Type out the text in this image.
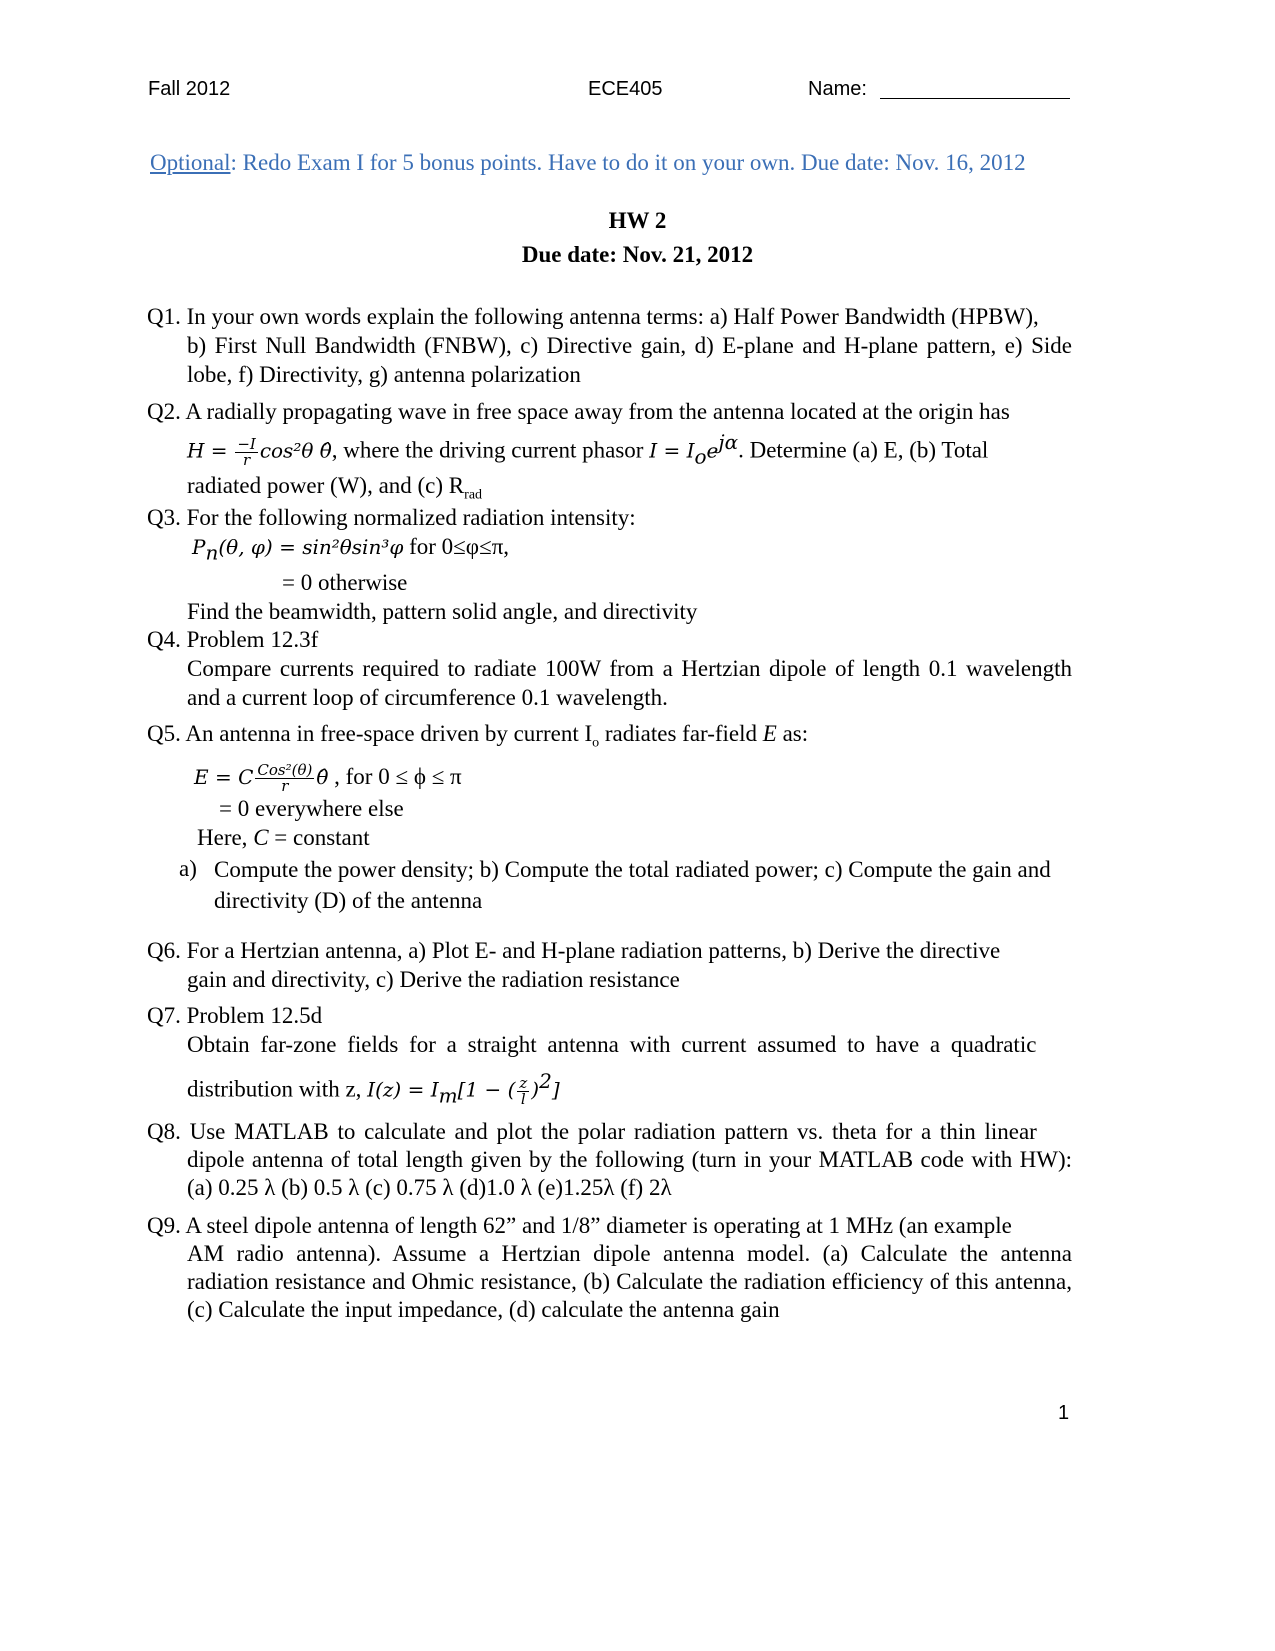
Fall 2012	ECE405	Name:
Optional: Redo Exam I for 5 bonus points. Have to do it on your own. Due date: Nov. 16, 2012
HW 2
Due date: Nov. 21, 2012
Q1. In your own words explain the following antenna terms: a) Half Power Bandwidth (HPBW),
b) First Null Bandwidth (FNBW), c) Directive gain, d) E-plane and H-plane pattern, e) Side lobe, f) Directivity, g) antenna polarization
Q2. A radially propagating wave in free space away from the antenna located at the origin has
$H = \frac{-I}{r} \cos^2\theta$ θ̂, where the driving current phasor $I = I_oe^{j\alpha}$. Determine (a) E, (b) Total
radiated power (W), and (c) $R_{rad}$
Q3. For the following normalized radiation intensity:
$P_n(\theta$, φ) = sin²θsin³φ for 0≤φ≤π,
= 0 otherwise
Find the beamwidth, pattern solid angle, and directivity
Q4. Problem 12.3f
Compare currents required to radiate 100W from a Hertzian dipole of length 0.1 wavelength and a current loop of circumference 0.1 wavelength.
Q5. An antenna in free-space driven by current $I_o$ radiates far-field E as:
E = C $\frac{\text{Cos²(θ)}}{r}$ θ̂ , for 0 ≤ ϕ ≤ π
= 0 everywhere else
Here, C = constant
a) Compute the power density; b) Compute the total radiated power; c) Compute the gain and directivity (D) of the antenna
Q6. For a Hertzian antenna, a) Plot E- and H-plane radiation patterns, b) Derive the directive
gain and directivity, c) Derive the radiation resistance
Q7. Problem 12.5d
Obtain far-zone fields for a straight antenna with current assumed to have a quadratic
distribution with z, $I(z) = I_m[1$ − ( $\frac{z}{l} )^2$]
Q8. Use MATLAB to calculate and plot the polar radiation pattern vs. theta for a thin linear
dipole antenna of total length given by the following (turn in your MATLAB code with HW): (a) 0.25 λ (b) 0.5 λ (c) 0.75 λ (d)1.0 λ (e)1.25λ (f) 2λ
Q9. A steel dipole antenna of length 62” and 1/8” diameter is operating at 1 MHz (an example
AM radio antenna). Assume a Hertzian dipole antenna model. (a) Calculate the antenna radiation resistance and Ohmic resistance, (b) Calculate the radiation efficiency of this antenna, (c) Calculate the input impedance, (d) calculate the antenna gain
1
